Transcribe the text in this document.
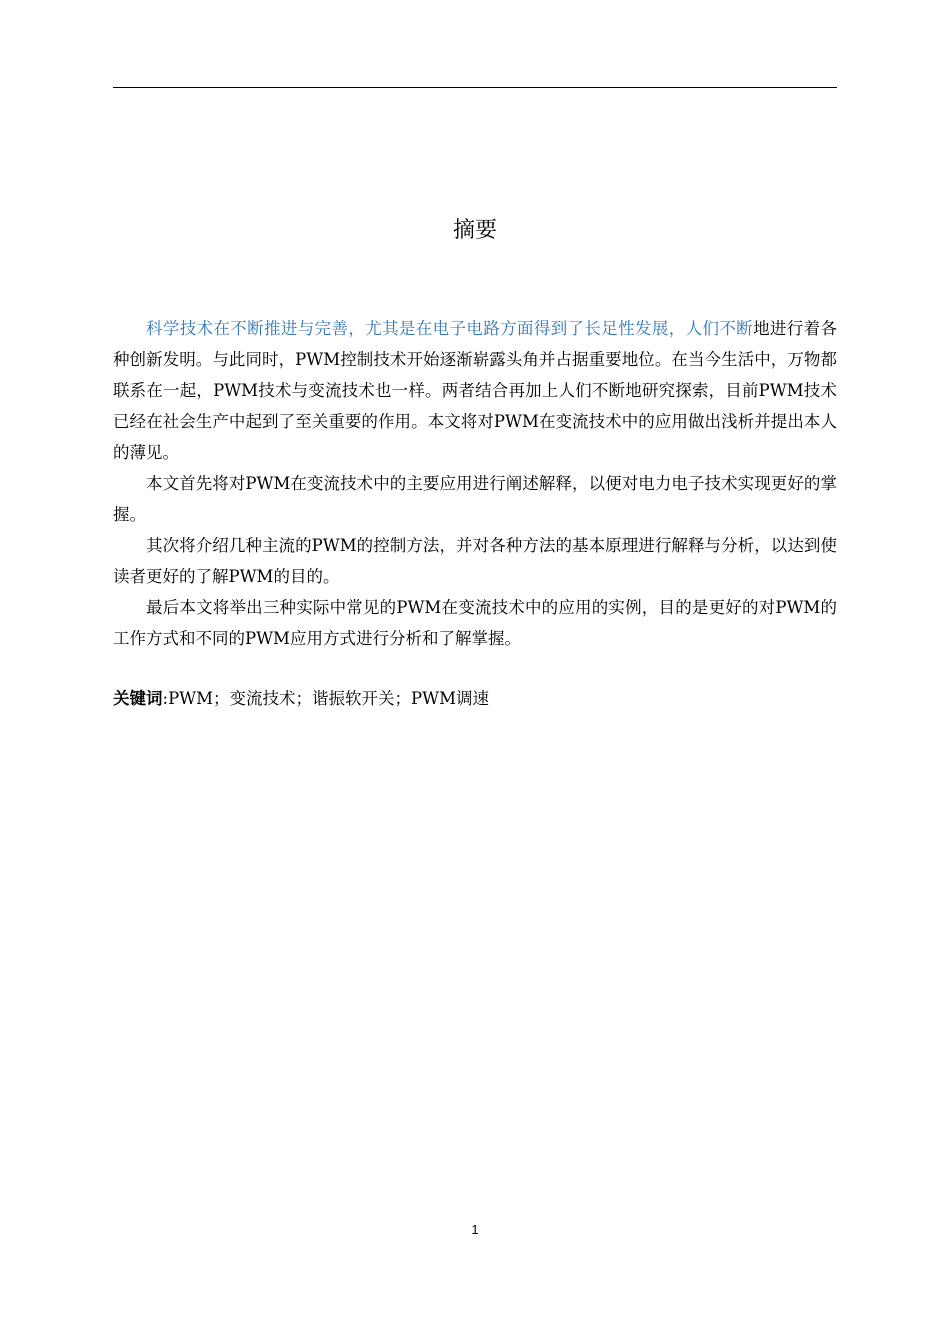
摘要

科学技术在不断推进与完善，尤其是在电子电路方面得到了长足性发展，人们不断地进行着各种创新发明。与此同时，PWM控制技术开始逐渐崭露头角并占据重要地位。在当今生活中，万物都联系在一起，PWM技术与变流技术也一样。两者结合再加上人们不断地研究探索，目前PWM技术已经在社会生产中起到了至关重要的作用。本文将对PWM在变流技术中的应用做出浅析并提出本人的薄见。

本文首先将对PWM在变流技术中的主要应用进行阐述解释，以便对电力电子技术实现更好的掌握。

其次将介绍几种主流的PWM的控制方法，并对各种方法的基本原理进行解释与分析，以达到使读者更好的了解PWM的目的。

最后本文将举出三种实际中常见的PWM在变流技术中的应用的实例，目的是更好的对PWM的工作方式和不同的PWM应用方式进行分析和了解掌握。

关键词:PWM；变流技术；谐振软开关；PWM调速

1
